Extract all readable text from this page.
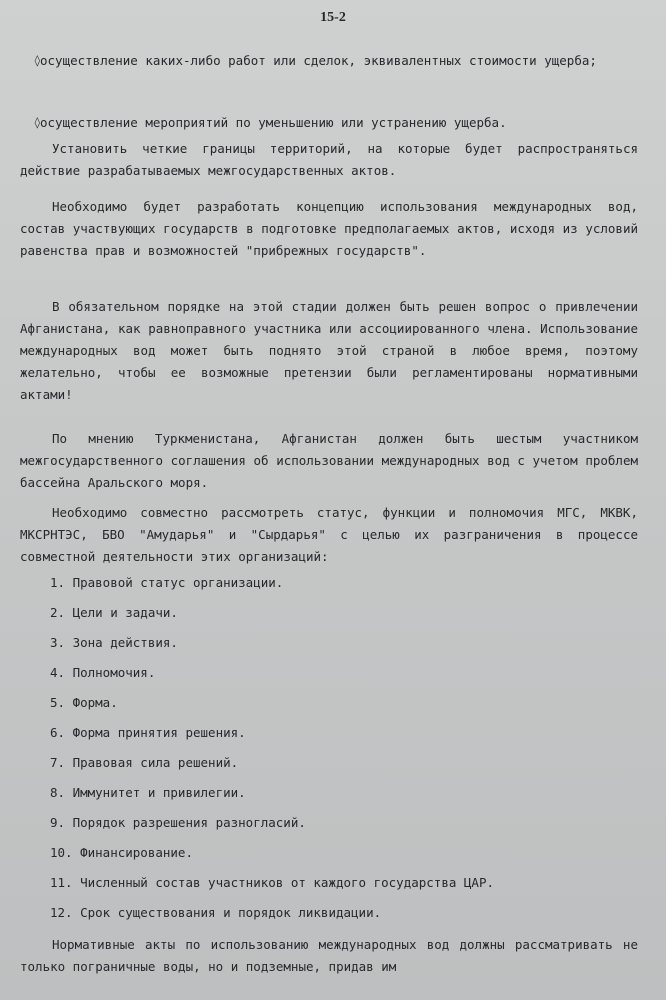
15-2
◊ осуществление каких-либо работ или сделок, эквивалентных стоимости ущерба;
◊ осуществление мероприятий по уменьшению или устранению ущерба.

Установить четкие границы территорий, на которые будет распространяться действие разрабатываемых межгосударственных актов.

Необходимо будет разработать концепцию использования международных вод, состав участвующих государств в подготовке предполагаемых актов, исходя из условий равенства прав и возможностей "прибрежных государств".

В обязательном порядке на этой стадии должен быть решен вопрос о привлечении Афганистана, как равноправного участника или ассоциированного члена. Использование международных вод может быть поднято этой страной в любое время, поэтому желательно, чтобы ее возможные претензии были регламентированы нормативными актами!

По мнению Туркменистана, Афганистан должен быть шестым участником межгосударственного соглашения об использовании международных вод с учетом проблем бассейна Аральского моря.

Необходимо совместно рассмотреть статус, функции и полномочия МГС, МКВК, МКСРНТЭС, БВО "Амударья" и "Сырдарья" с целью их разграничения в процессе совместной деятельности этих организаций:

1. Правовой статус организации.
2. Цели и задачи.
3. Зона действия.
4. Полномочия.
5. Форма.
6. Форма принятия решения.
7. Правовая сила решений.
8. Иммунитет и привилегии.
9. Порядок разрешения разногласий.
10. Финансирование.
11. Численный состав участников от каждого государства ЦАР.
12. Срок существования и порядок ликвидации.

Нормативные акты по использованию международных вод должны рассматривать не только пограничные воды, но и подземные, придав им
